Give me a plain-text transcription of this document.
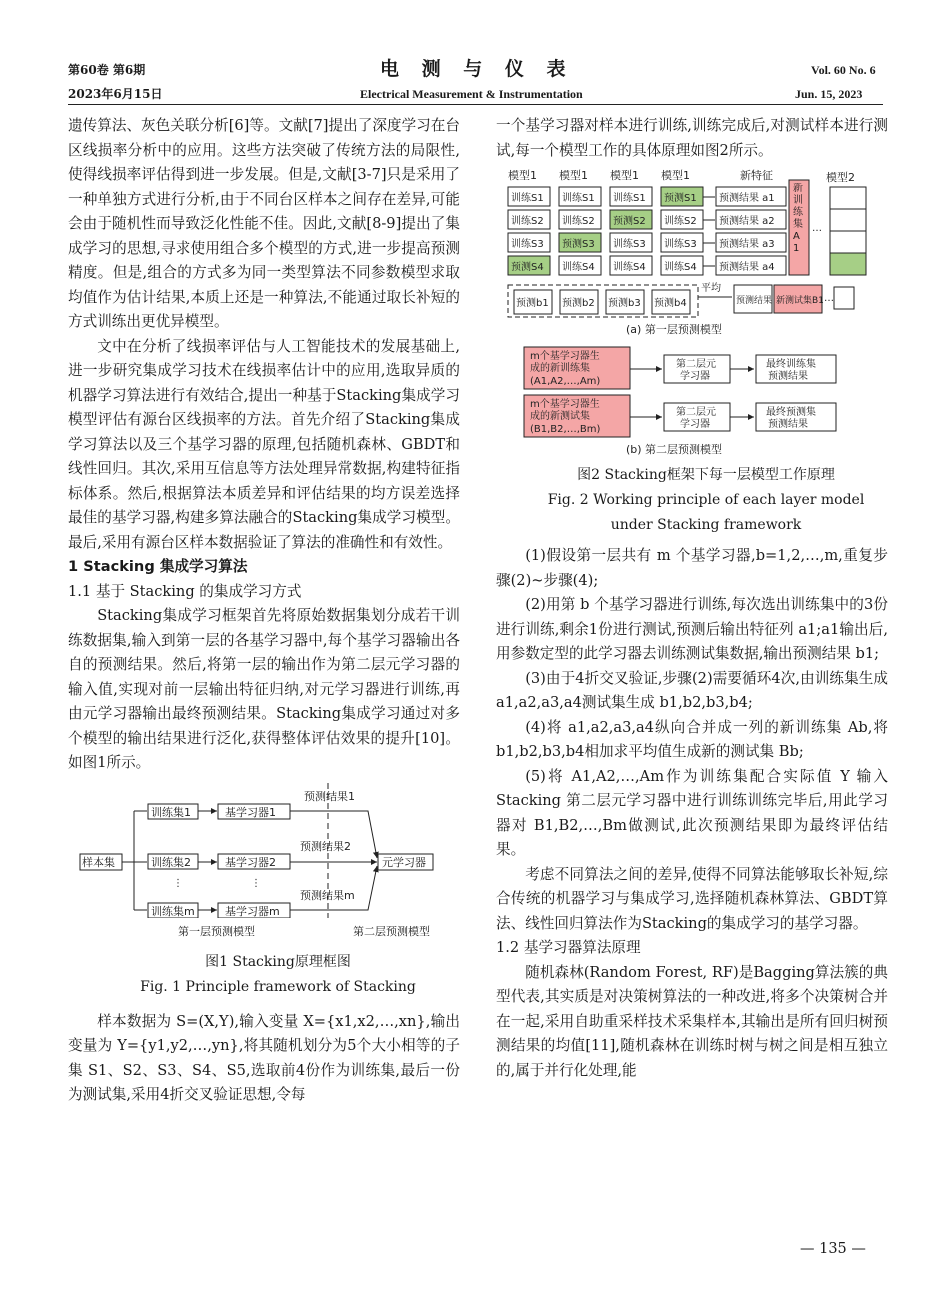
第60卷 第6期
2023年6月15日
电 测 与 仪 表
Electrical Measurement & Instrumentation
Vol. 60 No. 6
Jun. 15, 2023

遗传算法、灰色关联分析[6]等。文献[7]提出了深度学习在台区线损率分析中的应用。这些方法突破了传统方法的局限性,使得线损率评估得到进一步发展。但是,文献[3-7]只是采用了一种单独方式进行分析,由于不同台区样本之间存在差异,可能会由于随机性而导致泛化性能不佳。因此,文献[8-9]提出了集成学习的思想,寻求使用组合多个模型的方式,进一步提高预测精度。但是,组合的方式多为同一类型算法不同参数模型求取均值作为估计结果,本质上还是一种算法,不能通过取长补短的方式训练出更优异模型。

文中在分析了线损率评估与人工智能技术的发展基础上,进一步研究集成学习技术在线损率估计中的应用,选取异质的机器学习算法进行有效结合,提出一种基于Stacking集成学习模型评估有源台区线损率的方法。首先介绍了Stacking集成学习算法以及三个基学习器的原理,包括随机森林、GBDT和线性回归。其次,采用互信息等方法处理异常数据,构建特征指标体系。然后,根据算法本质差异和评估结果的均方误差选择最佳的基学习器,构建多算法融合的Stacking集成学习模型。最后,采用有源台区样本数据验证了算法的准确性和有效性。

1 Stacking 集成学习算法

1.1 基于 Stacking 的集成学习方式

Stacking集成学习框架首先将原始数据集划分成若干训练数据集,输入到第一层的各基学习器中,每个基学习器输出各自的预测结果。然后,将第一层的输出作为第二层元学习器的输入值,实现对前一层输出特征归纳,对元学习器进行训练,再由元学习器输出最终预测结果。Stacking集成学习通过对多个模型的输出结果进行泛化,获得整体评估效果的提升[10]。如图1所示。

样本集
训练集1
训练集2
训练集m
基学习器1
基学习器2
基学习器m
预测结果1
预测结果2
预测结果m
元学习器
⋮	⋮
第一层预测模型	第二层预测模型

图1 Stacking原理框图

Fig. 1 Principle framework of Stacking

样本数据为 S=(X,Y),输入变量 X={x1,x2,…,xn},输出变量为 Y={y1,y2,…,yn},将其随机划分为5个大小相等的子集 S1、S2、S3、S4、S5,选取前4份作为训练集,最后一份为测试集,采用4折交叉验证思想,令每

一个基学习器对样本进行训练,训练完成后,对测试样本进行测试,每一个模型工作的具体原理如图2所示。

模型1 模型1 模型1 模型1	新特征	模型2
训练S1 训练S1 训练S1 预测S1
训练S2 训练S2 预测S2 训练S2
训练S3 预测S3 训练S3 训练S3
预测S4 训练S4 训练S4 训练S4
预测结果 a1
预测结果 a2
预测结果 a3
预测结果 a4
…
预测b1 预测b2 预测b3 预测b4
平均
预测结果 新测试集B1 …
新训练集A1
(a) 第一层预测模型
m个基学习器生
成的新训练集
(A1,A2,…,Am)
m个基学习器生
成的新测试集
(B1,B2,…,Bm)
第二层元
学习器
第二层元
学习器
最终训练集
预测结果
最终预测集
预测结果
(b) 第二层预测模型

图2 Stacking框架下每一层模型工作原理

Fig. 2 Working principle of each layer model

under Stacking framework

(1)假设第一层共有 m 个基学习器,b=1,2,…,m,重复步骤(2)~步骤(4);

(2)用第 b 个基学习器进行训练,每次选出训练集中的3份进行训练,剩余1份进行测试,预测后输出特征列 a1;a1输出后,用参数定型的此学习器去训练测试集数据,输出预测结果 b1;

(3)由于4折交叉验证,步骤(2)需要循环4次,由训练集生成 a1,a2,a3,a4测试集生成 b1,b2,b3,b4;

(4)将 a1,a2,a3,a4纵向合并成一列的新训练集 Ab,将 b1,b2,b3,b4相加求平均值生成新的测试集 Bb;

(5)将 A1,A2,…,Am作为训练集配合实际值 Y 输入 Stacking 第二层元学习器中进行训练训练完毕后,用此学习器对 B1,B2,…,Bm做测试,此次预测结果即为最终评估结果。

考虑不同算法之间的差异,使得不同算法能够取长补短,综合传统的机器学习与集成学习,选择随机森林算法、GBDT算法、线性回归算法作为Stacking的集成学习的基学习器。

1.2 基学习器算法原理

随机森林(Random Forest, RF)是Bagging算法簇的典型代表,其实质是对决策树算法的一种改进,将多个决策树合并在一起,采用自助重采样技术采集样本,其输出是所有回归树预测结果的均值[11],随机森林在训练时树与树之间是相互独立的,属于并行化处理,能

— 135 —
